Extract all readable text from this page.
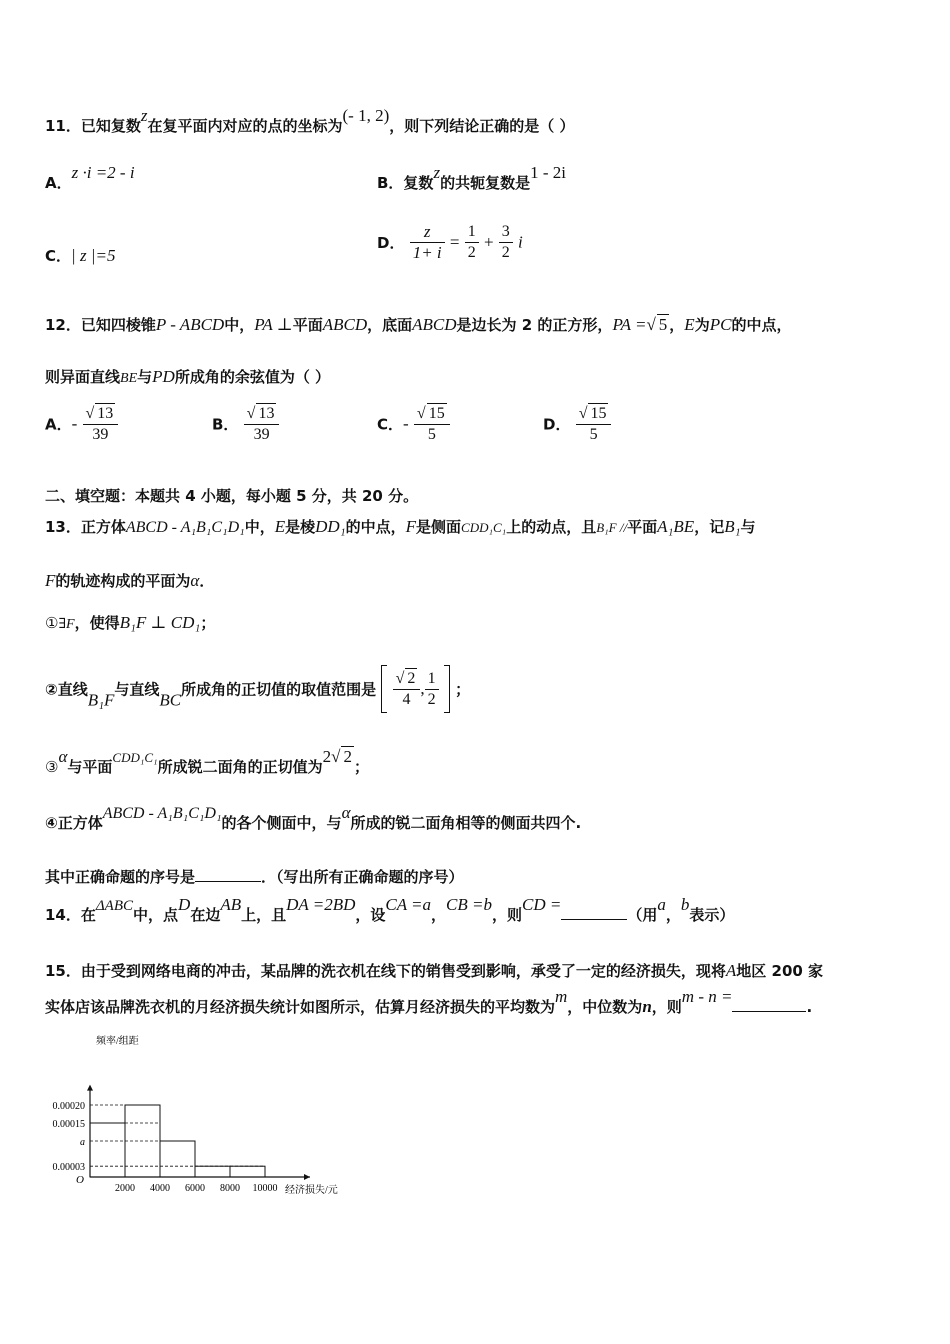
11．已知复数z在复平面内对应的点的坐标为(- 1, 2)，则下列结论正确的是（ ）
A．z ·i =2 - i
B．复数z的共轭复数是1 - 2i
C．| z |=5
D． $\frac{z}{1+ i} = \frac{1}{2} + \frac{3}{2}$ i
12．已知四棱锥P - ABCD中，PA ⊥平面ABCD，底面ABCD是边长为 2 的正方形，PA =√ 5 ，E为PC的中点，
则异面直线BE与PD所成角的余弦值为（ ）
A．- $\frac{√ 13}{39}$	B． $\frac{√ 13}{39}$	C．- $\frac{√ 15}{5}$	D． $\frac{√ 15}{5}$
二、填空题：本题共 4 小题，每小题 5 分，共 20 分。
13．正方体ABCD - A₁B₁C₁D₁中，E是棱DD₁的中点，F是侧面CDD₁C₁上的动点，且B₁F //平面A₁BE，记B₁与
F的轨迹构成的平面为α．
①∃F，使得B₁F ⊥ CD₁；
②直线B₁F与直线BC所成角的正切值的取值范围是 $\frac{√ 2}{4}$ , $\frac{1}{2}$ ；
③α与平面CDD₁C₁所成锐二面角的正切值为2√ 2；
④正方体ABCD - A₁B₁C₁D₁的各个侧面中，与α所成的锐二面角相等的侧面共四个.
其中正确命题的序号是	．（写出所有正确命题的序号）
14．在ΔABC中，点D在边AB上，且DA =2BD，设CA =a，CB =b，则CD =（用a，b表示）
15．由于受到网络电商的冲击，某品牌的洗衣机在线下的销售受到影响，承受了一定的经济损失，现将A地区 200 家
实体店该品牌洗衣机的月经济损失统计如图所示，估算月经济损失的平均数为m，中位数为n，则m - n =.
0.00020
0.00015
a
0.00003
2000 4000 6000 8000 10000
O
频率/组距
经济损失/元
